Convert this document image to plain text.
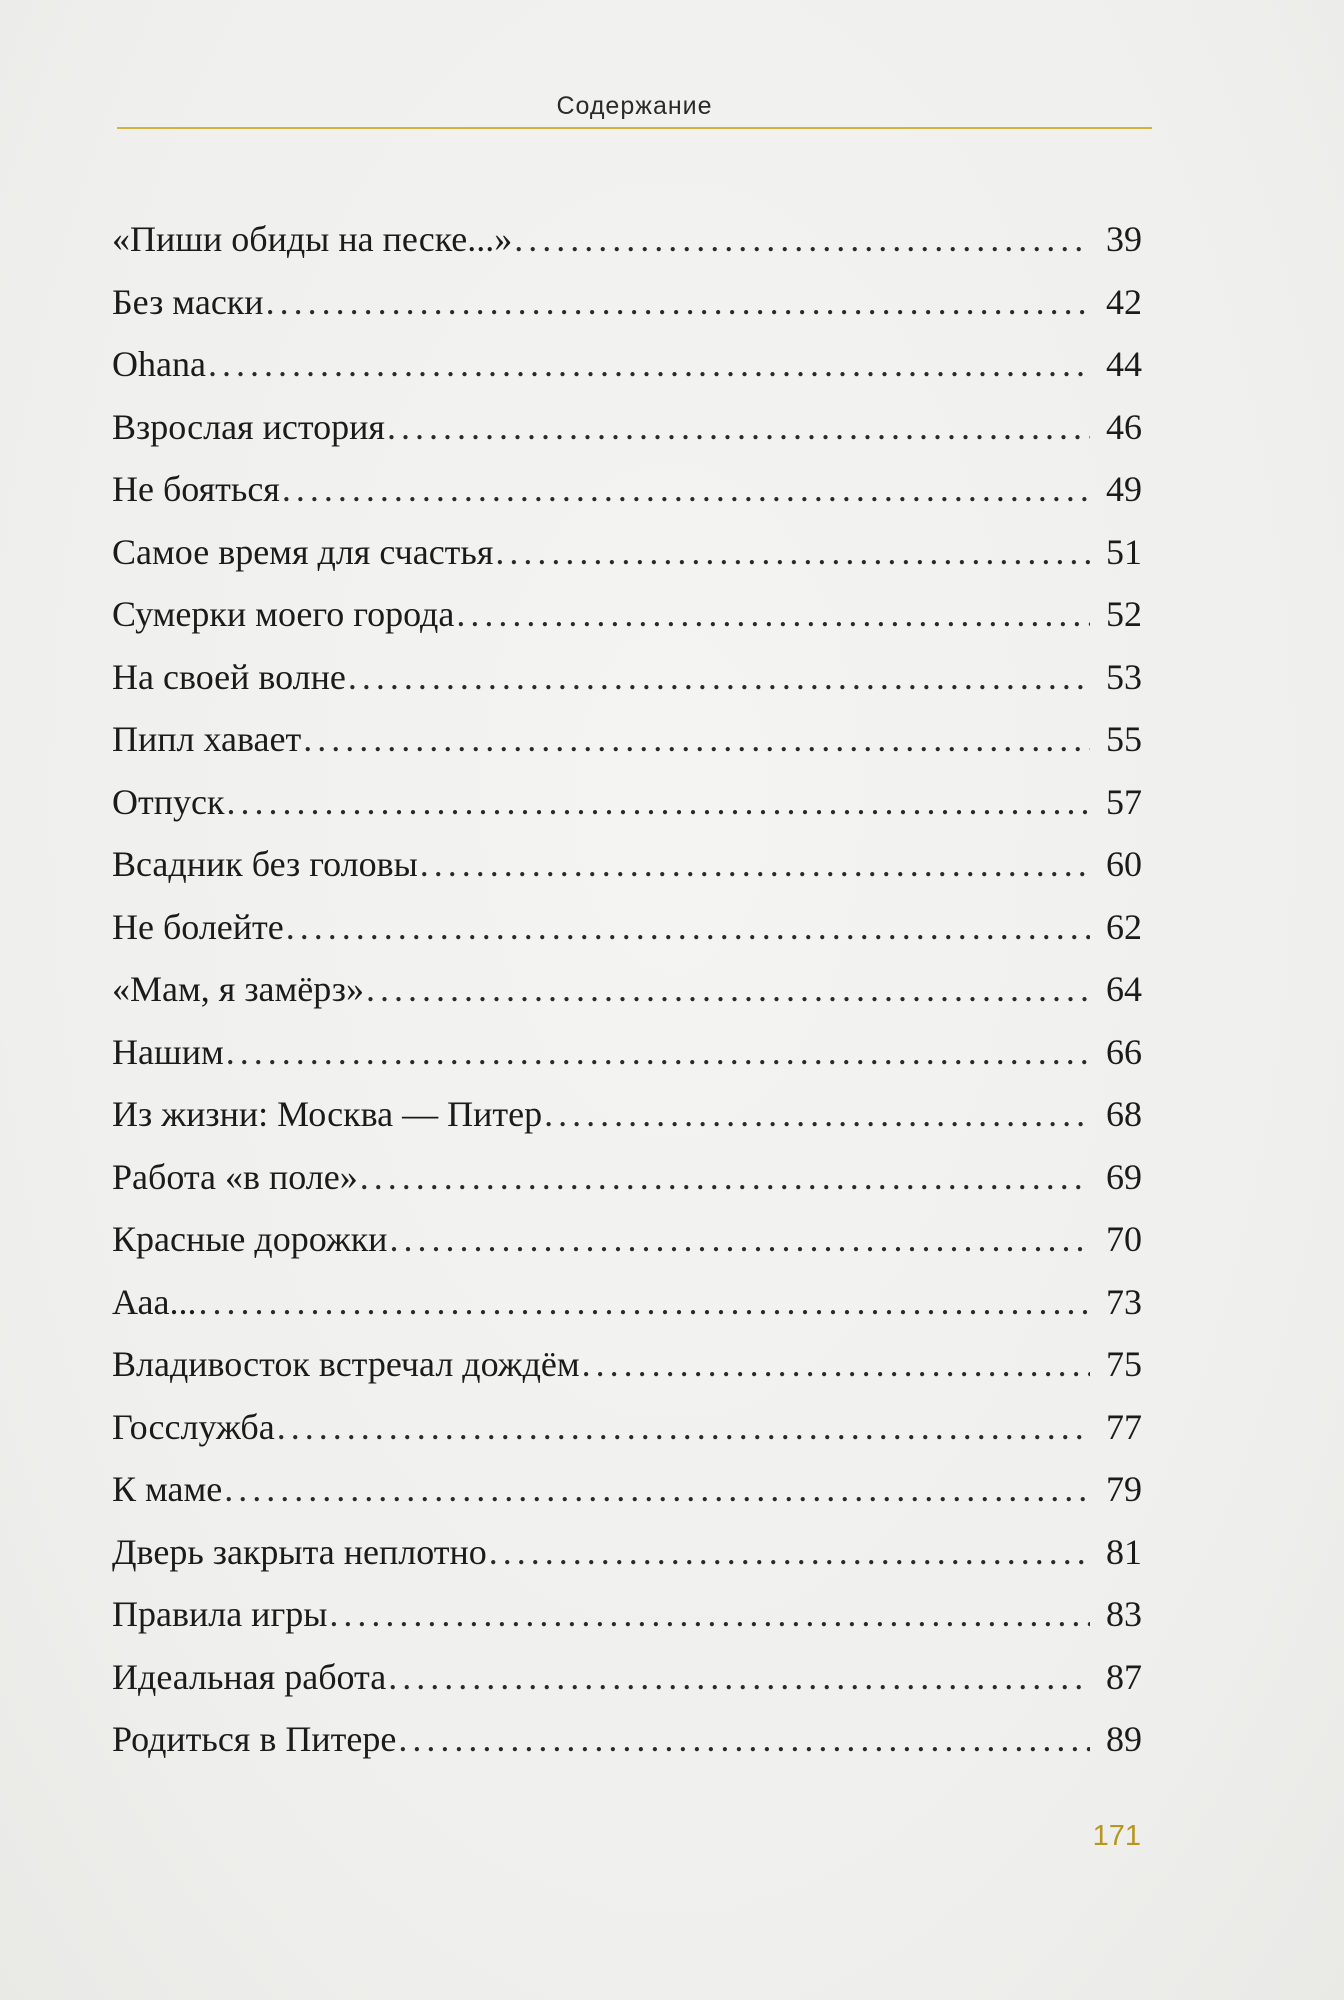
Содержание
«Пиши обиды на песке...» . . .	39
Без маски . . .	42
Ohana . . .	44
Взрослая история . . .	46
Не бояться . . .	49
Самое время для счастья . . .	51
Сумерки моего города . . .	52
На своей волне . . .	53
Пипл хавает . . .	55
Отпуск . . .	57
Всадник без головы . . .	60
Не болейте . . .	62
«Мам, я замёрз» . . .	64
Нашим . . .	66
Из жизни: Москва — Питер . . .	68
Работа «в поле» . . .	69
Красные дорожки . . .	70
Ааа... . . .	73
Владивосток встречал дождём . . .	75
Госслужба . . .	77
К маме . . .	79
Дверь закрыта неплотно . . .	81
Правила игры . . .	83
Идеальная работа . . .	87
Родиться в Питере . . .	89
171
